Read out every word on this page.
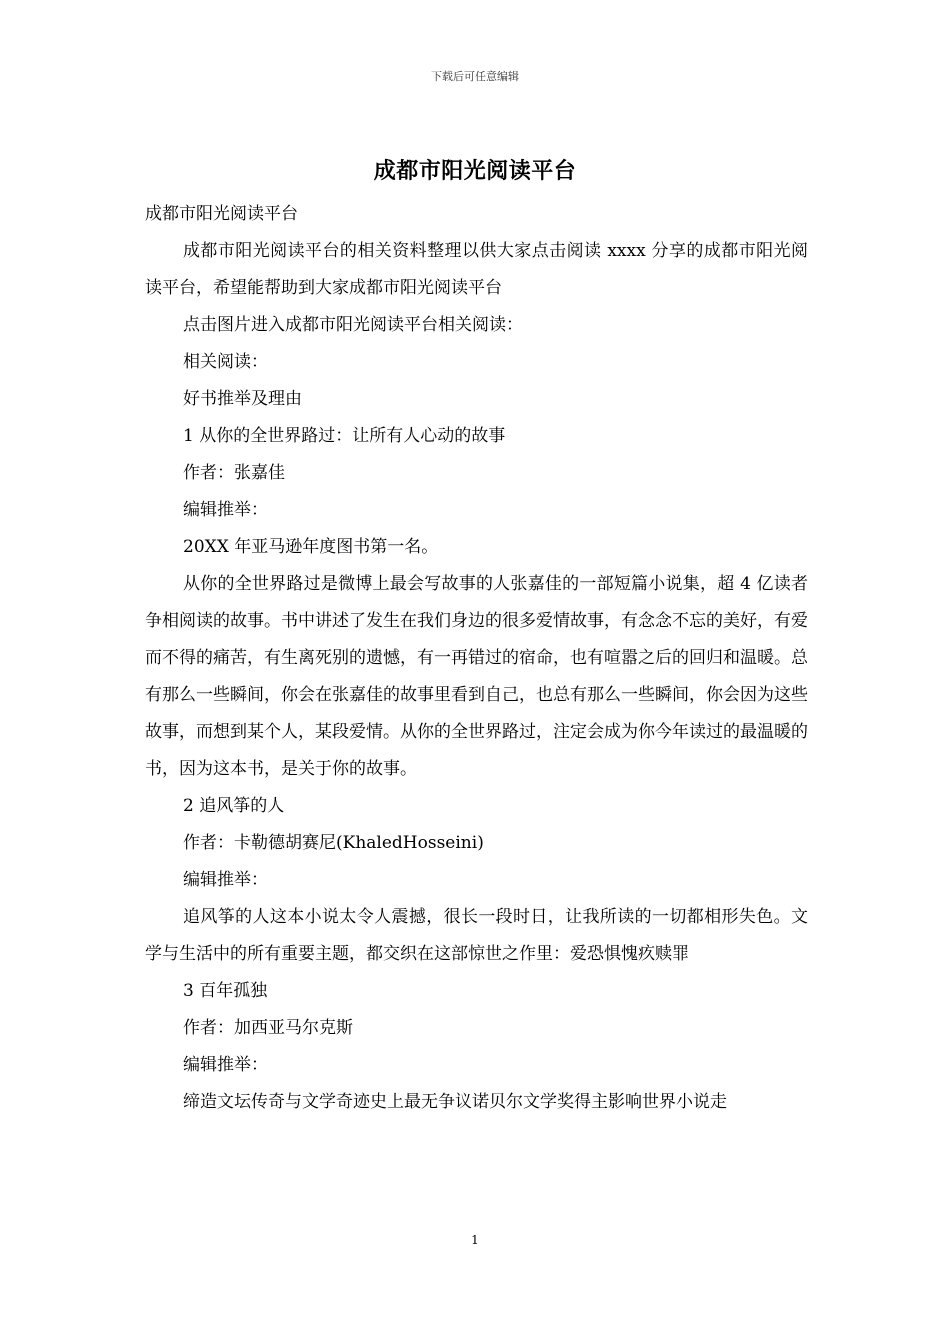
下载后可任意编辑
成都市阳光阅读平台

成都市阳光阅读平台

成都市阳光阅读平台的相关资料整理以供大家点击阅读 xxxx 分享的成都市阳光阅读平台，希望能帮助到大家成都市阳光阅读平台

点击图片进入成都市阳光阅读平台相关阅读：

相关阅读：

好书推举及理由

1 从你的全世界路过：让所有人心动的故事

作者：张嘉佳

编辑推举：

20XX 年亚马逊年度图书第一名。

从你的全世界路过是微博上最会写故事的人张嘉佳的一部短篇小说集，超 4 亿读者争相阅读的故事。书中讲述了发生在我们身边的很多爱情故事，有念念不忘的美好，有爱而不得的痛苦，有生离死别的遗憾，有一再错过的宿命，也有喧嚣之后的回归和温暖。总有那么一些瞬间，你会在张嘉佳的故事里看到自己，也总有那么一些瞬间，你会因为这些故事，而想到某个人，某段爱情。从你的全世界路过，注定会成为你今年读过的最温暖的书，因为这本书，是关于你的故事。

2 追风筝的人

作者：卡勒德胡赛尼(KhaledHosseini)

编辑推举：

追风筝的人这本小说太令人震撼，很长一段时日，让我所读的一切都相形失色。文学与生活中的所有重要主题，都交织在这部惊世之作里：爱恐惧愧疚赎罪

3 百年孤独

作者：加西亚马尔克斯

编辑推举：

缔造文坛传奇与文学奇迹史上最无争议诺贝尔文学奖得主影响世界小说走

1
